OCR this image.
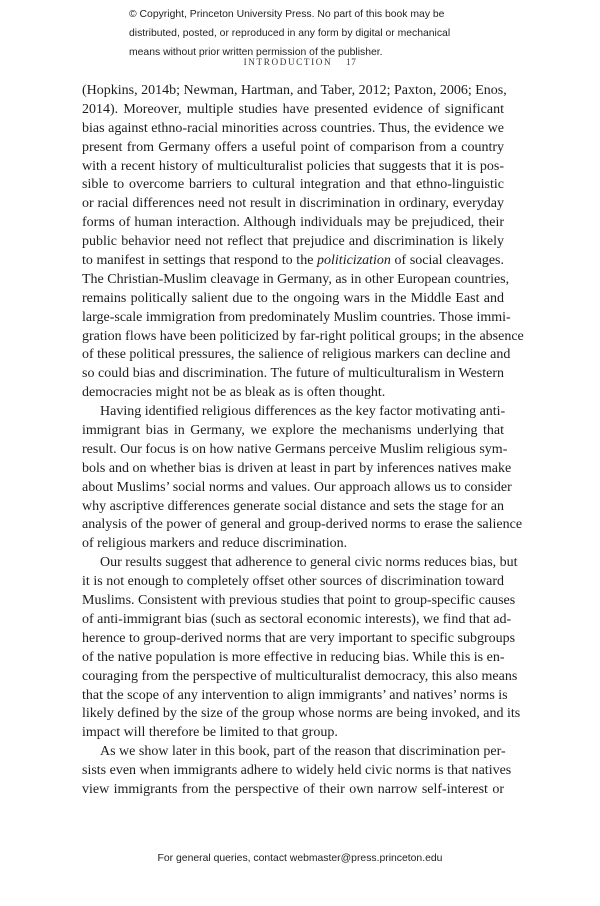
© Copyright, Princeton University Press. No part of this book may be
distributed, posted, or reproduced in any form by digital or mechanical
means without prior written permission of the publisher.
INTRODUCTION 17
(Hopkins, 2014b; Newman, Hartman, and Taber, 2012; Paxton, 2006; Enos,
2014). Moreover, multiple studies have presented evidence of significant
bias against ethno-racial minorities across countries. Thus, the evidence we
present from Germany offers a useful point of comparison from a country
with a recent history of multiculturalist policies that suggests that it is pos-
sible to overcome barriers to cultural integration and that ethno-linguistic
or racial differences need not result in discrimination in ordinary, everyday
forms of human interaction. Although individuals may be prejudiced, their
public behavior need not reflect that prejudice and discrimination is likely
to manifest in settings that respond to the politicization of social cleavages.
The Christian-Muslim cleavage in Germany, as in other European countries,
remains politically salient due to the ongoing wars in the Middle East and
large-scale immigration from predominately Muslim countries. Those immi-
gration flows have been politicized by far-right political groups; in the absence
of these political pressures, the salience of religious markers can decline and
so could bias and discrimination. The future of multiculturalism in Western
democracies might not be as bleak as is often thought.
Having identified religious differences as the key factor motivating anti-
immigrant bias in Germany, we explore the mechanisms underlying that
result. Our focus is on how native Germans perceive Muslim religious sym-
bols and on whether bias is driven at least in part by inferences natives make
about Muslims’ social norms and values. Our approach allows us to consider
why ascriptive differences generate social distance and sets the stage for an
analysis of the power of general and group-derived norms to erase the salience
of religious markers and reduce discrimination.
Our results suggest that adherence to general civic norms reduces bias, but
it is not enough to completely offset other sources of discrimination toward
Muslims. Consistent with previous studies that point to group-specific causes
of anti-immigrant bias (such as sectoral economic interests), we find that ad-
herence to group-derived norms that are very important to specific subgroups
of the native population is more effective in reducing bias. While this is en-
couraging from the perspective of multiculturalist democracy, this also means
that the scope of any intervention to align immigrants’ and natives’ norms is
likely defined by the size of the group whose norms are being invoked, and its
impact will therefore be limited to that group.
As we show later in this book, part of the reason that discrimination per-
sists even when immigrants adhere to widely held civic norms is that natives
view immigrants from the perspective of their own narrow self-interest or
For general queries, contact webmaster@press.princeton.edu
